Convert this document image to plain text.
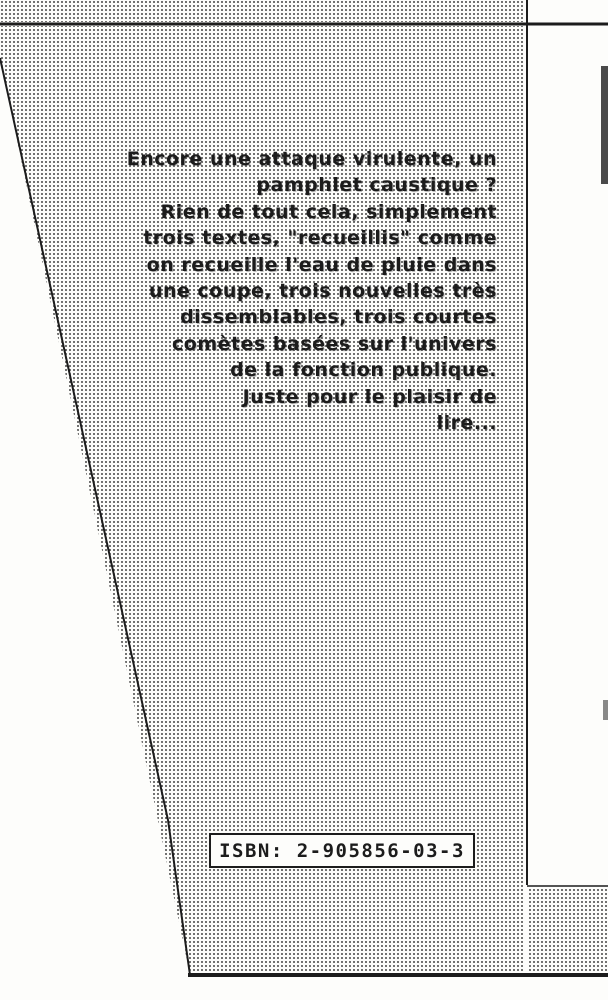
Encore une attaque virulente, un
pamphlet caustique ?
Rien de tout cela, simplement
trois textes, "recueillis" comme
on recueille l'eau de pluie dans
une coupe, trois nouvelles très
dissemblables, trois courtes
comètes basées sur l'univers
de la fonction publique.
Juste pour le plaisir de
lire...
ISBN: 2-905856-03-3
